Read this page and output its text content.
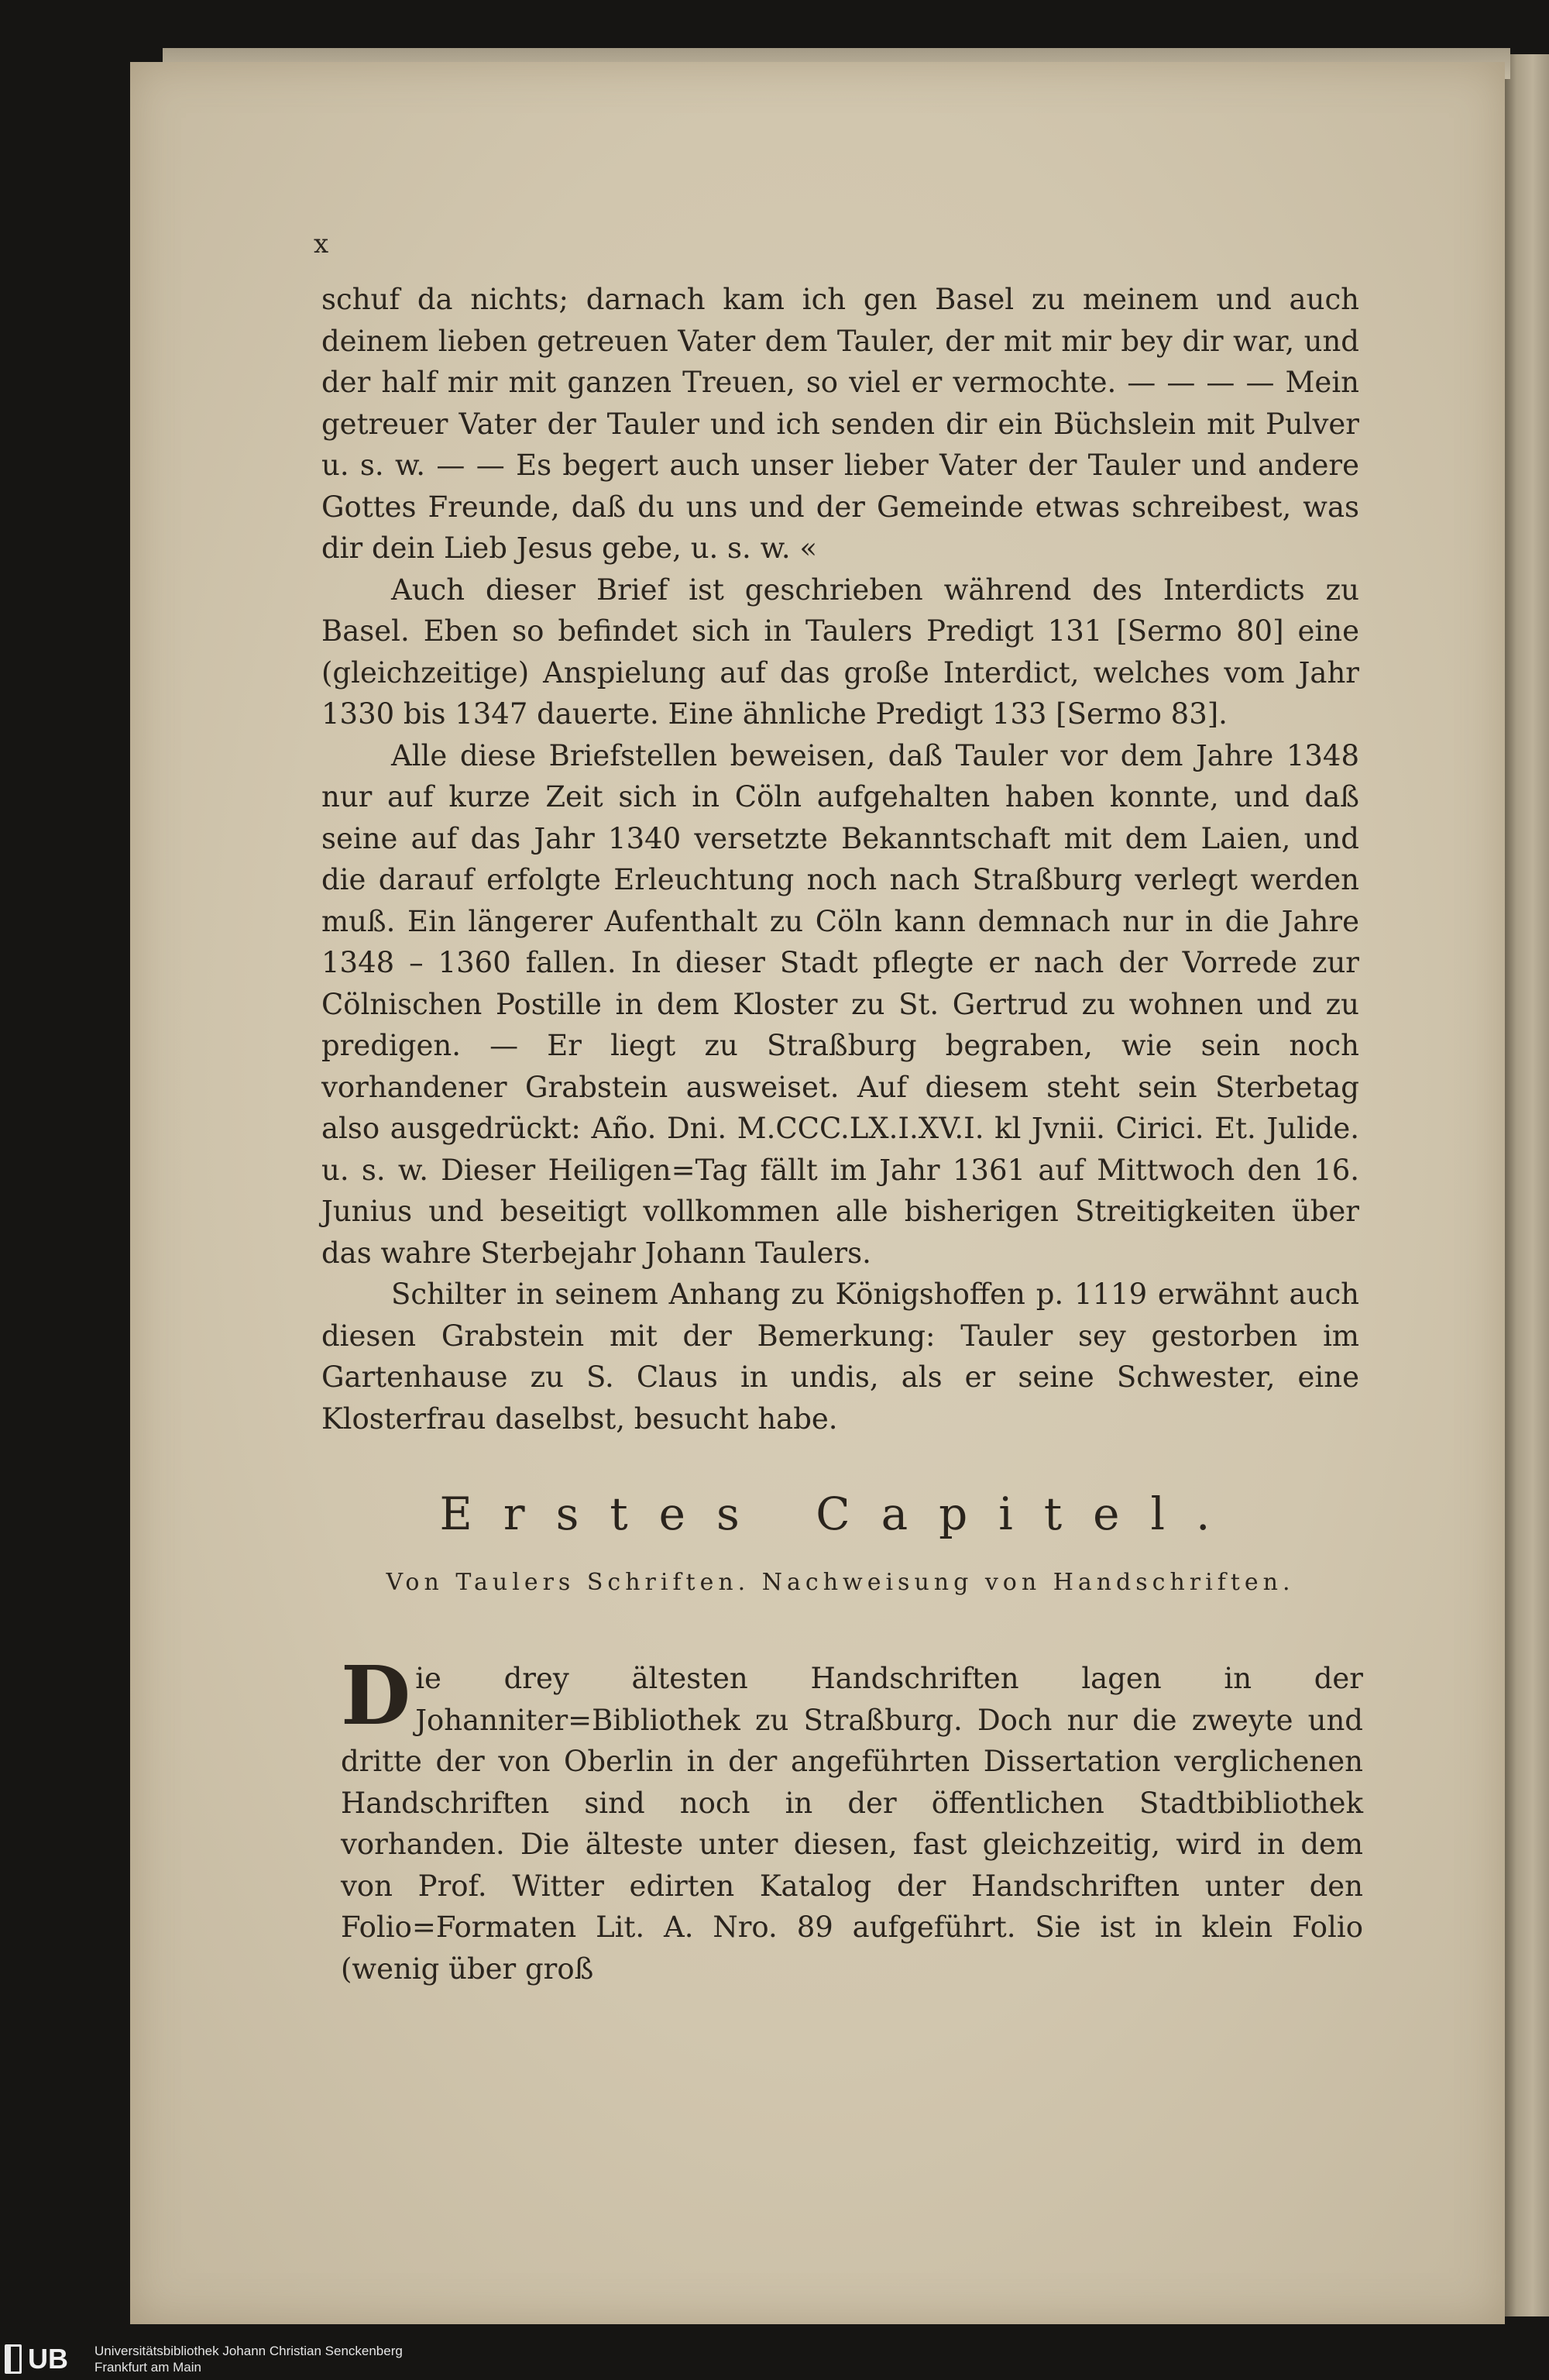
x

schuf da nichts; darnach kam ich gen Basel zu meinem und auch deinem lieben getreuen Vater dem Tauler, der mit mir bey dir war, und der half mir mit ganzen Treuen, so viel er vermochte. — — — — Mein getreuer Vater der Tauler und ich senden dir ein Büchslein mit Pulver u. s. w. — — Es begert auch unser lieber Vater der Tauler und andere Gottes Freunde, daß du uns und der Gemeinde etwas schreibest, was dir dein Lieb Jesus gebe, u. s. w. «

Auch dieser Brief ist geschrieben während des Interdicts zu Basel. Eben so befindet sich in Taulers Predigt 131 [Sermo 80] eine (gleichzeitige) Anspielung auf das große Interdict, welches vom Jahr 1330 bis 1347 dauerte. Eine ähnliche Predigt 133 [Sermo 83].

Alle diese Briefstellen beweisen, daß Tauler vor dem Jahre 1348 nur auf kurze Zeit sich in Cöln aufgehalten haben konnte, und daß seine auf das Jahr 1340 versetzte Bekanntschaft mit dem Laien, und die darauf erfolgte Erleuchtung noch nach Straßburg verlegt werden muß. Ein längerer Aufenthalt zu Cöln kann demnach nur in die Jahre 1348 – 1360 fallen. In dieser Stadt pflegte er nach der Vorrede zur Cölnischen Postille in dem Kloster zu St. Gertrud zu wohnen und zu predigen. — Er liegt zu Straßburg begraben, wie sein noch vorhandener Grabstein ausweiset. Auf diesem steht sein Sterbetag also ausgedrückt: Año. Dni. M.CCC.LX.I.XV.I. kl Jvnii. Cirici. Et. Julide. u. s. w. Dieser Heiligen=Tag fällt im Jahr 1361 auf Mittwoch den 16. Junius und beseitigt vollkommen alle bisherigen Streitigkeiten über das wahre Sterbejahr Johann Taulers.

Schilter in seinem Anhang zu Königshoffen p. 1119 erwähnt auch diesen Grabstein mit der Bemerkung: Tauler sey gestorben im Gartenhause zu S. Claus in undis, als er seine Schwester, eine Klosterfrau daselbst, besucht habe.

Erstes Capitel.
Von Taulers Schriften. Nachweisung von Handschriften.
D ie drey ältesten Handschriften lagen in der Johanniter=Bibliothek zu Straßburg. Doch nur die zweyte und dritte der von Oberlin in der angeführten Dissertation verglichenen Handschriften sind noch in der öffentlichen Stadtbibliothek vorhanden. Die älteste unter diesen, fast gleichzeitig, wird in dem von Prof. Witter edirten Katalog der Handschriften unter den Folio=Formaten Lit. A. Nro. 89 aufgeführt. Sie ist in klein Folio (wenig über groß
UB Universitätsbibliothek Johann Christian Senckenberg
Frankfurt am Main
